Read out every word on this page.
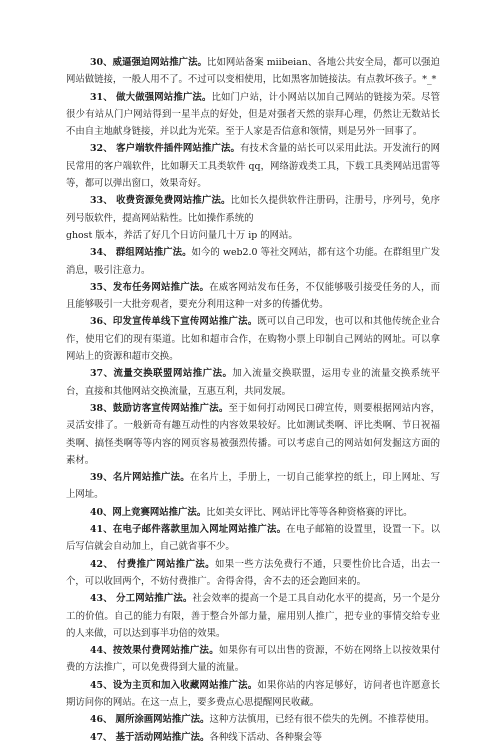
30、威逼强迫网站推广法。比如网站备案 miibeian、各地公共安全局，都可以强迫网站做链接，一般人用不了。不过可以变相使用，比如黑客加链接法。有点教坏孩子。*_*

31、 做大做强网站推广法。比如门户站，计小网站以加自己网站的链接为荣。尽管很少有站从门户网站得到一星半点的好处，但是对强者天然的崇拜心理，仍然让无数站长不由自主地献身链接，并以此为光荣。至于人家是否信意和领情，则是另外一回事了。

32、 客户端软件插件网站推广法。有技术含量的站长可以采用此法。开发流行的网民常用的客户端软件，比如聊天工具类软件 qq，网络游戏类工具，下载工具类网站迅雷等等，都可以弹出窗口，效果奇好。

33、 收费资源免费网站推广法。比如长久提供软件注册码，注册号，序列号，免序列号版软件，提高网站粘性。比如操作系统的

ghost 版本，养活了好几个日访问量几十万 ip 的网站。

34、 群组网站推广法。如今的 web2.0 等社交网站，都有这个功能。在群组里广发消息，吸引注意力。

35、发布任务网站推广法。在威客网站发布任务，不仅能够吸引接受任务的人，而且能够吸引一大批旁观者，要充分利用这种一对多的传播优势。

36、印发宣传单线下宣传网站推广法。既可以自己印发，也可以和其他传统企业合作，使用它们的现有渠道。比如和超市合作，在购物小票上印制自己网站的网址。可以拿网站上的资源和超市交换。

37、流量交换联盟网站推广法。加入流量交换联盟，运用专业的流量交换系统平台，直接和其他网站交换流量，互惠互利，共同发展。

38、鼓励访客宣传网站推广法。至于如何打动网民口碑宣传，则要根据网站内容，灵活安排了。一般新奇有趣互动性的内容效果较好。比如测试类啊、评比类啊、节日祝福类啊、搞怪类啊等等内容的网页容易被强烈传播。可以考虑自己的网站如何发掘这方面的素材。

39、名片网站推广法。在名片上，手册上，一切自己能掌控的纸上，印上网址、写上网址。

40、网上竞赛网站推广法。比如美女评比、网站评比等等各种资格赛的评比。

41、在电子邮件落款里加入网址网站推广法。在电子邮箱的设置里，设置一下。以后写信就会自动加上，自己就省事不少。

42、 付费推广网站推广法。如果一些方法免费行不通，只要性价比合适，出去一个，可以收回两个，不妨付费推广。舍得舍得，舍不去的还会跑回来的。

43、 分工网站推广法。社会效率的提高一个是工具自动化水平的提高，另一个是分工的价值。自己的能力有限，善于整合外部力量，雇用别人推广，把专业的事情交给专业的人来做，可以达到事半功倍的效果。

44、按效果付费网站推广法。如果你有可以出售的资源，不妨在网络上以按效果付费的方法推广，可以免费得到大量的流量。

45、设为主页和加入收藏网站推广法。如果你站的内容足够好，访问者也许愿意长期访问你的网站。在这一点上，要多费点心思提醒网民收藏。

46、 厕所涂画网站推广法。这种方法慎用，已经有很不偿失的先例。不推荐使用。

47、 基于活动网站推广法。各种线下活动、各种聚会等
